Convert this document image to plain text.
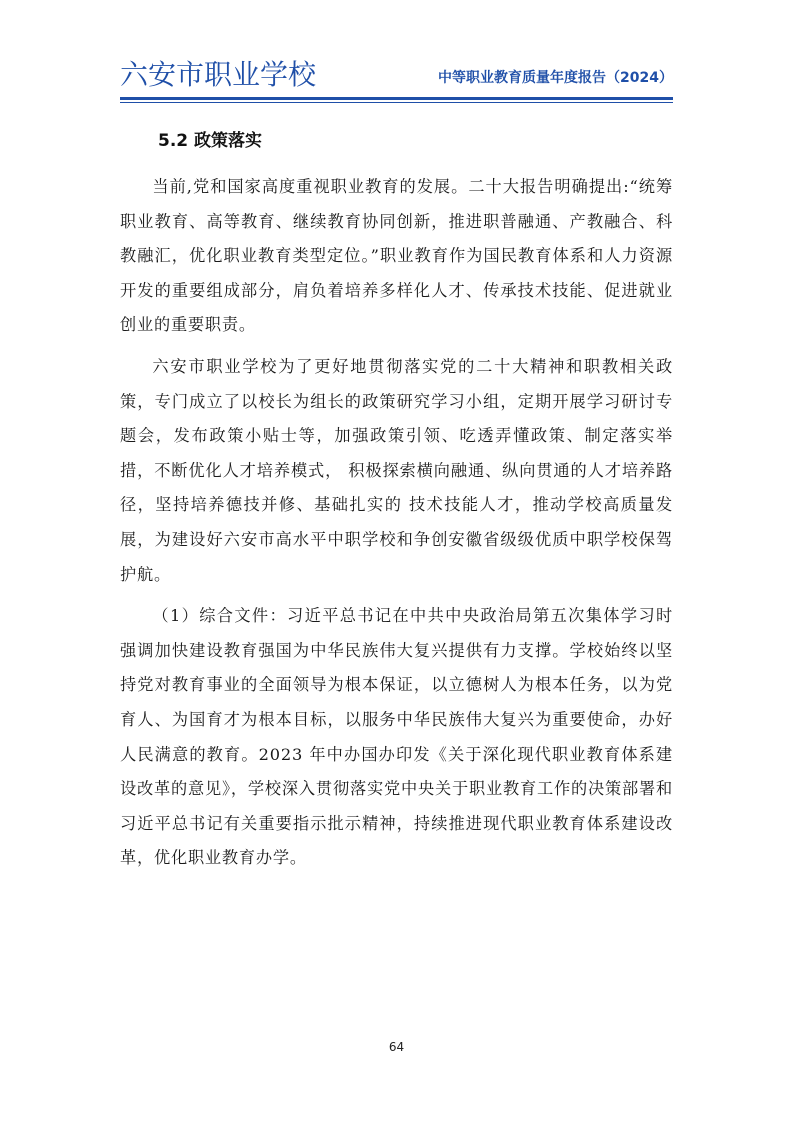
六安市职业学校	中等职业教育质量年度报告（2024）
5.2 政策落实

当前,党和国家高度重视职业教育的发展。二十大报告明确提出:“统筹职业教育、高等教育、继续教育协同创新，推进职普融通、产教融合、科教融汇，优化职业教育类型定位。”职业教育作为国民教育体系和人力资源开发的重要组成部分，肩负着培养多样化人才、传承技术技能、促进就业创业的重要职责。

六安市职业学校为了更好地贯彻落实党的二十大精神和职教相关政策，专门成立了以校长为组长的政策研究学习小组，定期开展学习研讨专题会，发布政策小贴士等，加强政策引领、吃透弄懂政策、制定落实举措，不断优化人才培养模式， 积极探索横向融通、纵向贯通的人才培养路径，坚持培养德技并修、基础扎实的 技术技能人才，推动学校高质量发展，为建设好六安市高水平中职学校和争创安徽省级级优质中职学校保驾护航。

（1）综合文件：习近平总书记在中共中央政治局第五次集体学习时强调加快建设教育强国为中华民族伟大复兴提供有力支撑。学校始终以坚持党对教育事业的全面领导为根本保证，以立德树人为根本任务，以为党育人、为国育才为根本目标，以服务中华民族伟大复兴为重要使命，办好人民满意的教育。2023 年中办国办印发《关于深化现代职业教育体系建设改革的意见》，学校深入贯彻落实党中央关于职业教育工作的决策部署和习近平总书记有关重要指示批示精神，持续推进现代职业教育体系建设改革，优化职业教育办学。

64
